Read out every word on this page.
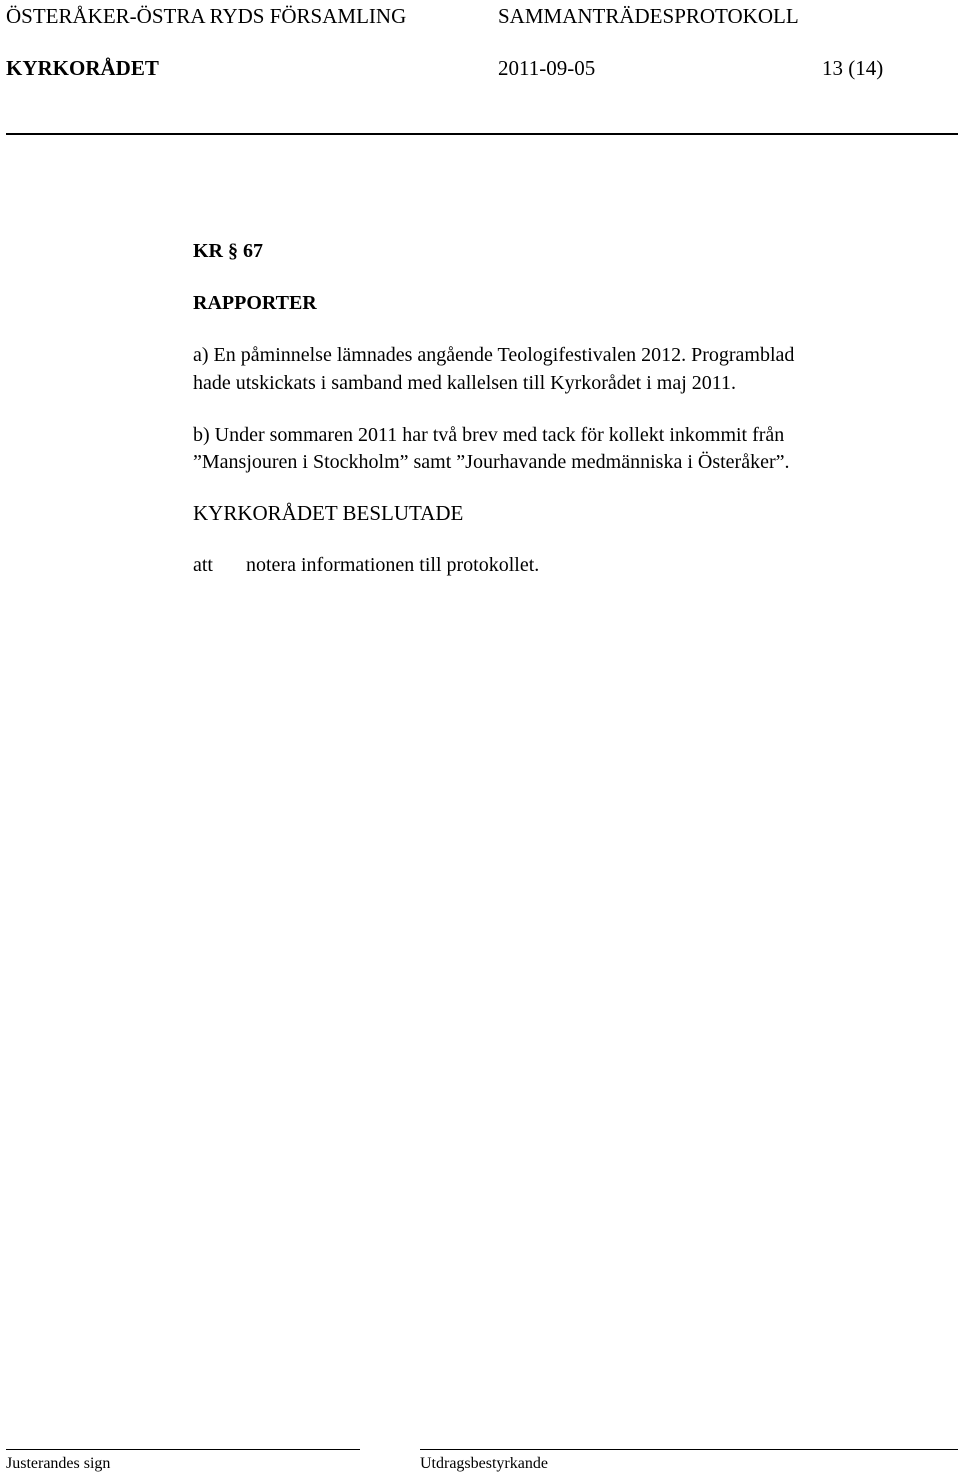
ÖSTERÅKER-ÖSTRA RYDS FÖRSAMLING	SAMMANTRÄDESPROTOKOLL
KYRKORÅDET	2011-09-05	13 (14)
KR § 67
RAPPORTER
a) En påminnelse lämnades angående Teologifestivalen 2012. Programblad
hade utskickats i samband med kallelsen till Kyrkorådet i maj 2011.
b) Under sommaren 2011 har två brev med tack för kollekt inkommit från
”Mansjouren i Stockholm” samt ”Jourhavande medmänniska i Österåker”.
KYRKORÅDET BESLUTADE
att notera informationen till protokollet.
Justerandes sign	Utdragsbestyrkande
